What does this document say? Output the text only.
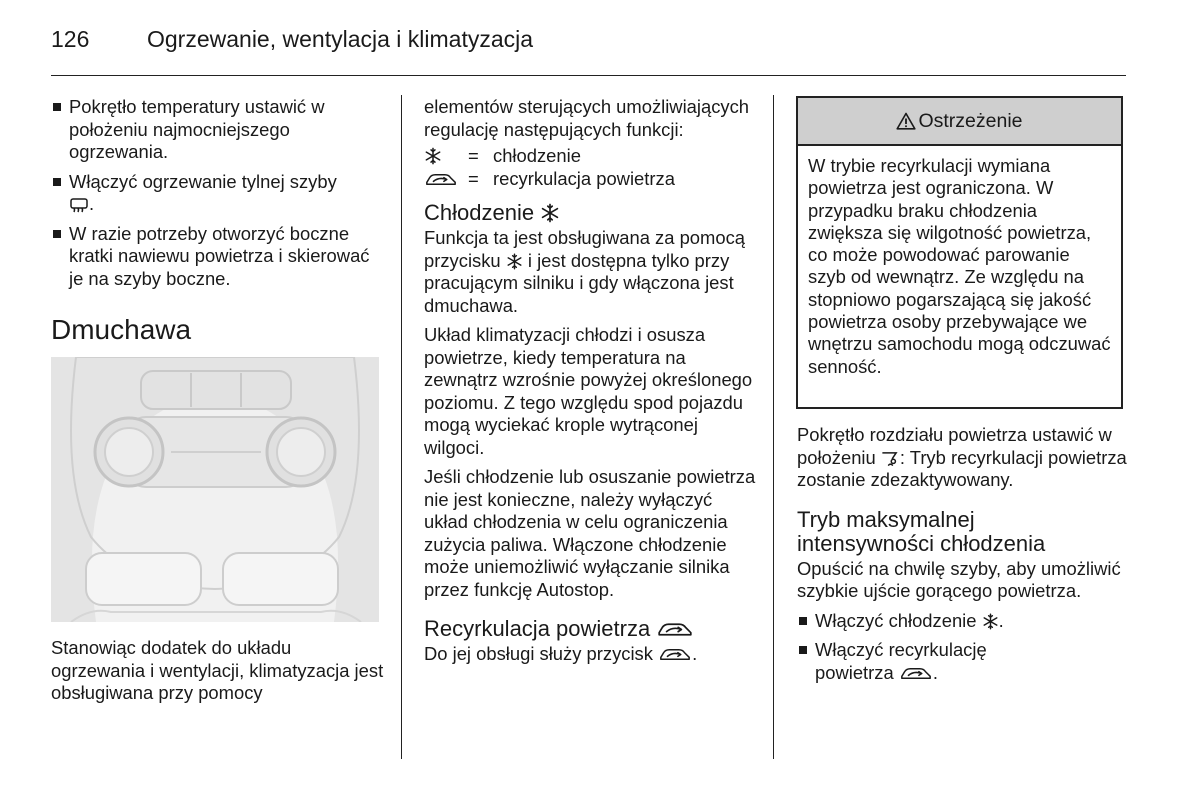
126	Ogrzewanie, wentylacja i klimatyzacja

Pokrętło temperatury ustawić w położeniu najmocniejszego ogrzewania.

Włączyć ogrzewanie tylnej szyby
.

W razie potrzeby otworzyć boczne kratki nawiewu powietrza i skierować je na szyby boczne.

Dmuchawa

Stanowiąc dodatek do układu ogrzewania i wentylacji, klimatyzacja jest obsługiwana przy pomocy

elementów sterujących umożliwiających regulację następujących funkcji:

= chłodzenie
= recyrkulacja powietrza
Chłodzenie

Funkcja ta jest obsługiwana za pomocą przycisku i jest dostępna tylko przy pracującym silniku i gdy włączona jest dmuchawa.

Układ klimatyzacji chłodzi i osusza powietrze, kiedy temperatura na zewnątrz wzrośnie powyżej określonego poziomu. Z tego względu spod pojazdu mogą wyciekać krople wytrąconej wilgoci.

Jeśli chłodzenie lub osuszanie powietrza nie jest konieczne, należy wyłączyć układ chłodzenia w celu ograniczenia zużycia paliwa. Włączone chłodzenie może uniemożliwić wyłączanie silnika przez funkcję Autostop.

Recyrkulacja powietrza

Do jej obsługi służy przycisk .

Ostrzeżenie
W trybie recyrkulacji wymiana powietrza jest ograniczona. W przypadku braku chłodzenia zwiększa się wilgotność powietrza, co może powodować parowanie szyb od wewnątrz. Ze względu na stopniowo pogarszającą się jakość powietrza osoby przebywające we wnętrzu samochodu mogą odczuwać senność.

Pokrętło rozdziału powietrza ustawić w położeniu : Tryb recyrkulacji powietrza zostanie zdezaktywowany.

Tryb maksymalnej intensywności chłodzenia

Opuścić na chwilę szyby, aby umożliwić szybkie ujście gorącego powietrza.

Włączyć chłodzenie .

Włączyć recyrkulację powietrza .
